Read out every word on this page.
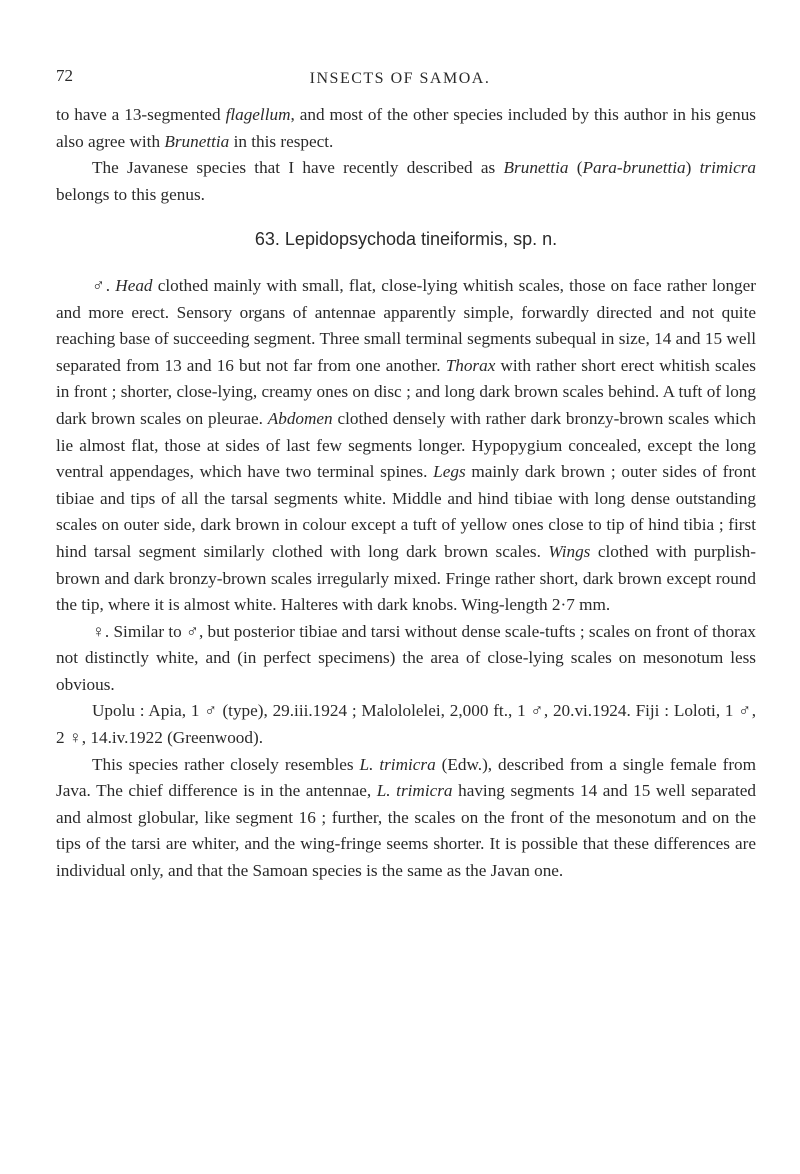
72	INSECTS OF SAMOA.

to have a 13-segmented flagellum, and most of the other species included by this author in his genus also agree with Brunettia in this respect.

The Javanese species that I have recently described as Brunettia (Para-brunettia) trimicra belongs to this genus.

63. Lepidopsychoda tineiformis, sp. n.

♂. Head clothed mainly with small, flat, close-lying whitish scales, those on face rather longer and more erect. Sensory organs of antennae apparently simple, forwardly directed and not quite reaching base of succeeding segment. Three small terminal segments subequal in size, 14 and 15 well separated from 13 and 16 but not far from one another. Thorax with rather short erect whitish scales in front ; shorter, close-lying, creamy ones on disc ; and long dark brown scales behind. A tuft of long dark brown scales on pleurae. Abdomen clothed densely with rather dark bronzy-brown scales which lie almost flat, those at sides of last few segments longer. Hypopygium concealed, except the long ventral appendages, which have two terminal spines. Legs mainly dark brown ; outer sides of front tibiae and tips of all the tarsal segments white. Middle and hind tibiae with long dense outstanding scales on outer side, dark brown in colour except a tuft of yellow ones close to tip of hind tibia ; first hind tarsal segment similarly clothed with long dark brown scales. Wings clothed with purplish-brown and dark bronzy-brown scales irregularly mixed. Fringe rather short, dark brown except round the tip, where it is almost white. Halteres with dark knobs. Wing-length 2·7 mm.

♀. Similar to ♂, but posterior tibiae and tarsi without dense scale-tufts ; scales on front of thorax not distinctly white, and (in perfect specimens) the area of close-lying scales on mesonotum less obvious.

Upolu : Apia, 1 ♂ (type), 29.iii.1924 ; Malololelei, 2,000 ft., 1 ♂, 20.vi.1924. Fiji : Loloti, 1 ♂, 2 ♀, 14.iv.1922 (Greenwood).

This species rather closely resembles L. trimicra (Edw.), described from a single female from Java. The chief difference is in the antennae, L. trimicra having segments 14 and 15 well separated and almost globular, like segment 16 ; further, the scales on the front of the mesonotum and on the tips of the tarsi are whiter, and the wing-fringe seems shorter. It is possible that these differences are individual only, and that the Samoan species is the same as the Javan one.
